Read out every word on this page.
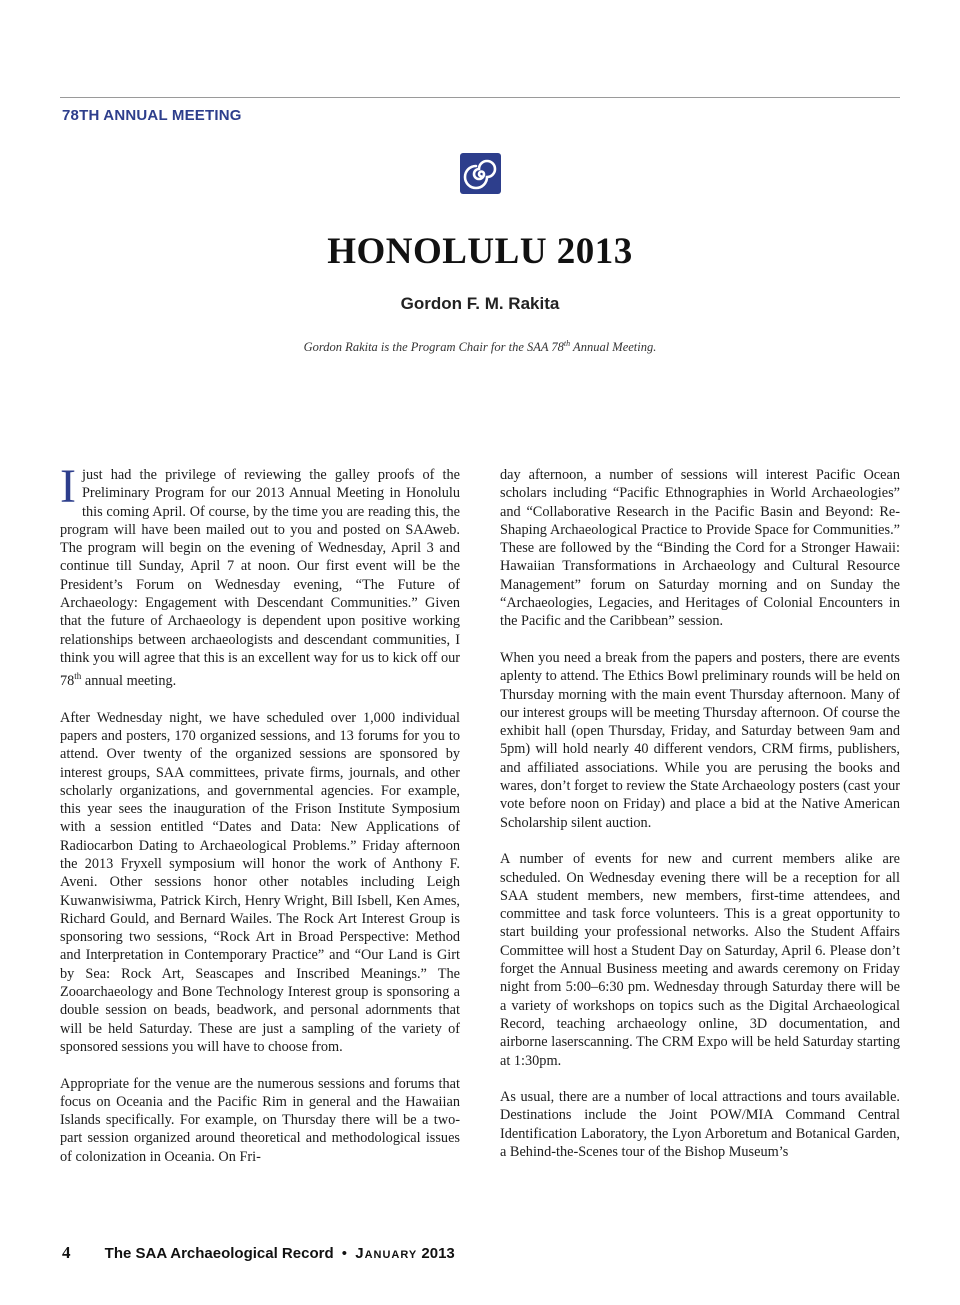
78TH ANNUAL MEETING
HONOLULU 2013
Gordon F. M. Rakita
Gordon Rakita is the Program Chair for the SAA 78th Annual Meeting.

Ijust had the privilege of reviewing the galley proofs of the Preliminary Program for our 2013 Annual Meeting in Honolulu this coming April. Of course, by the time you are reading this, the program will have been mailed out to you and posted on SAAweb. The program will begin on the evening of Wednesday, April 3 and continue till Sunday, April 7 at noon. Our first event will be the President’s Forum on Wednesday evening, “The Future of Archaeology: Engagement with Descendant Communities.” Given that the future of Archaeology is dependent upon positive working relationships between archaeologists and descendant communities, I think you will agree that this is an excellent way for us to kick off our 78th annual meeting.

After Wednesday night, we have scheduled over 1,000 individual papers and posters, 170 organized sessions, and 13 forums for you to attend. Over twenty of the organized sessions are sponsored by interest groups, SAA committees, private firms, journals, and other scholarly organizations, and governmental agencies. For example, this year sees the inauguration of the Frison Institute Symposium with a session entitled “Dates and Data: New Applications of Radiocarbon Dating to Archaeological Problems.” Friday afternoon the 2013 Fryxell symposium will honor the work of Anthony F. Aveni. Other sessions honor other notables including Leigh Kuwanwisiwma, Patrick Kirch, Henry Wright, Bill Isbell, Ken Ames, Richard Gould, and Bernard Wailes. The Rock Art Interest Group is sponsoring two sessions, “Rock Art in Broad Perspective: Method and Interpretation in Contemporary Practice” and “Our Land is Girt by Sea: Rock Art, Seascapes and Inscribed Meanings.” The Zooarchaeology and Bone Technology Interest group is sponsoring a double session on beads, beadwork, and personal adornments that will be held Saturday. These are just a sampling of the variety of sponsored sessions you will have to choose from.

Appropriate for the venue are the numerous sessions and forums that focus on Oceania and the Pacific Rim in general and the Hawaiian Islands specifically. For example, on Thursday there will be a two-part session organized around theoretical and methodological issues of colonization in Oceania. On Fri-

day afternoon, a number of sessions will interest Pacific Ocean scholars including “Pacific Ethnographies in World Archaeologies” and “Collaborative Research in the Pacific Basin and Beyond: Re-Shaping Archaeological Practice to Provide Space for Communities.” These are followed by the “Binding the Cord for a Stronger Hawaii: Hawaiian Transformations in Archaeology and Cultural Resource Management” forum on Saturday morning and on Sunday the “Archaeologies, Legacies, and Heritages of Colonial Encounters in the Pacific and the Caribbean” session.

When you need a break from the papers and posters, there are events aplenty to attend. The Ethics Bowl preliminary rounds will be held on Thursday morning with the main event Thursday afternoon. Many of our interest groups will be meeting Thursday afternoon. Of course the exhibit hall (open Thursday, Friday, and Saturday between 9am and 5pm) will hold nearly 40 different vendors, CRM firms, publishers, and affiliated associations. While you are perusing the books and wares, don’t forget to review the State Archaeology posters (cast your vote before noon on Friday) and place a bid at the Native American Scholarship silent auction.

A number of events for new and current members alike are scheduled. On Wednesday evening there will be a reception for all SAA student members, new members, first-time attendees, and committee and task force volunteers. This is a great opportunity to start building your professional networks. Also the Student Affairs Committee will host a Student Day on Saturday, April 6. Please don’t forget the Annual Business meeting and awards ceremony on Friday night from 5:00–6:30 pm. Wednesday through Saturday there will be a variety of workshops on topics such as the Digital Archaeological Record, teaching archaeology online, 3D documentation, and airborne laserscanning. The CRM Expo will be held Saturday starting at 1:30pm.

As usual, there are a number of local attractions and tours available. Destinations include the Joint POW/MIA Command Central Identification Laboratory, the Lyon Arboretum and Botanical Garden, a Behind-the-Scenes tour of the Bishop Museum’s

4 The SAA Archaeological Record • January 2013
